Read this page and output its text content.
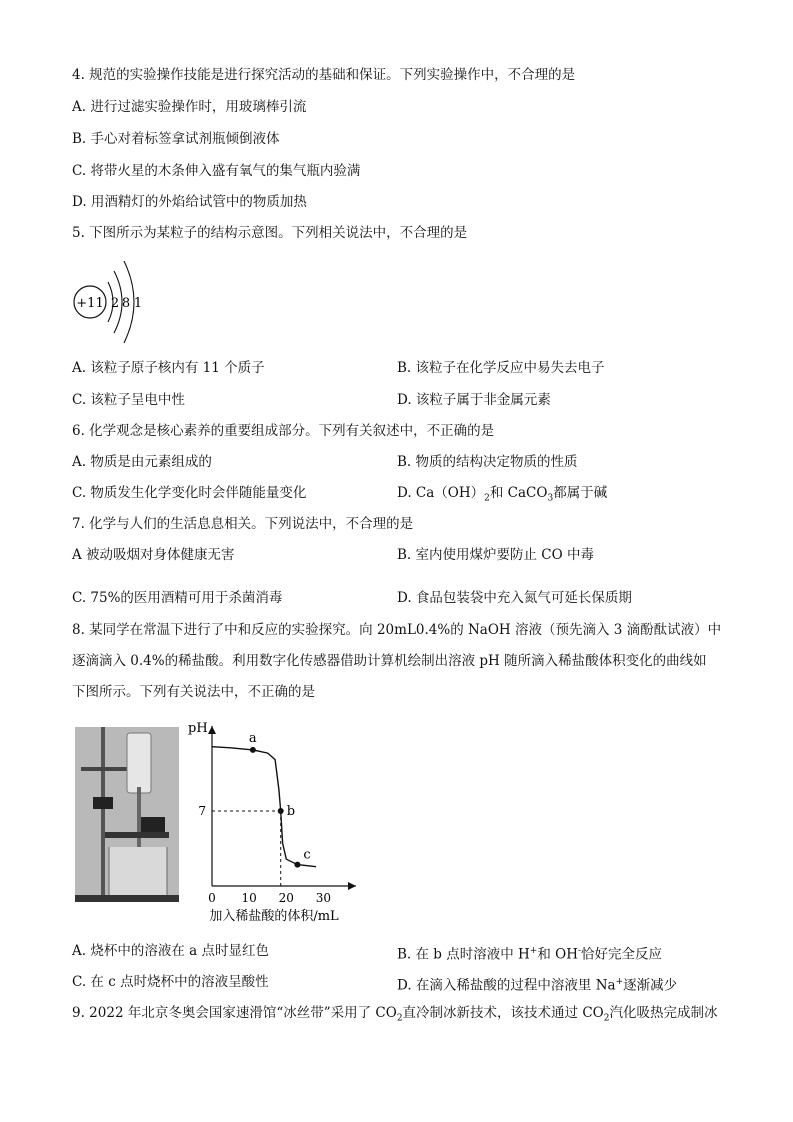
4. 规范的实验操作技能是进行探究活动的基础和保证。下列实验操作中，不合理的是
A. 进行过滤实验操作时，用玻璃棒引流
B. 手心对着标签拿试剂瓶倾倒液体
C. 将带火星的木条伸入盛有氧气的集气瓶内验满
D. 用酒精灯的外焰给试管中的物质加热
5. 下图所示为某粒子的结构示意图。下列相关说法中，不合理的是
+11 2 8 1
A. 该粒子原子核内有 11 个质子	B. 该粒子在化学反应中易失去电子
C. 该粒子呈电中性	D. 该粒子属于非金属元素
6. 化学观念是核心素养的重要组成部分。下列有关叙述中，不正确的是
A. 物质是由元素组成的	B. 物质的结构决定物质的性质
C. 物质发生化学变化时会伴随能量变化	D. $Ca(OH)_2$和 CaCO$_3$都属于碱
7. 化学与人们的生活息息相关。下列说法中，不合理的是
A 被动吸烟对身体健康无害	B. 室内使用煤炉要防止 CO 中毒
C. 75%的医用酒精可用于杀菌消毒	D. 食品包装袋中充入氮气可延长保质期
8. 某同学在常温下进行了中和反应的实验探究。向 20mL0.4%的 NaOH 溶液（预先滴入 3 滴酚酞试液）中
逐滴滴入 0.4%的稀盐酸。利用数字化传感器借助计算机绘制出溶液 pH 随所滴入稀盐酸体积变化的曲线如
下图所示。下列有关说法中，不正确的是
0 10 20 30
7
a
b
c
pH
加入稀盐酸的体积/mL
A. 烧杯中的溶液在 a 点时显红色	B. 在 b 点时溶液中 H+和 OH-恰好完全反应
C. 在 c 点时烧杯中的溶液呈酸性	D. 在滴入稀盐酸的过程中溶液里 Na+逐渐减少
9. 2022 年北京冬奥会国家速滑馆“冰丝带”采用了 $CO_2$直冷制冰新技术，该技术通过 $CO_2$汽化吸热完成制冰
